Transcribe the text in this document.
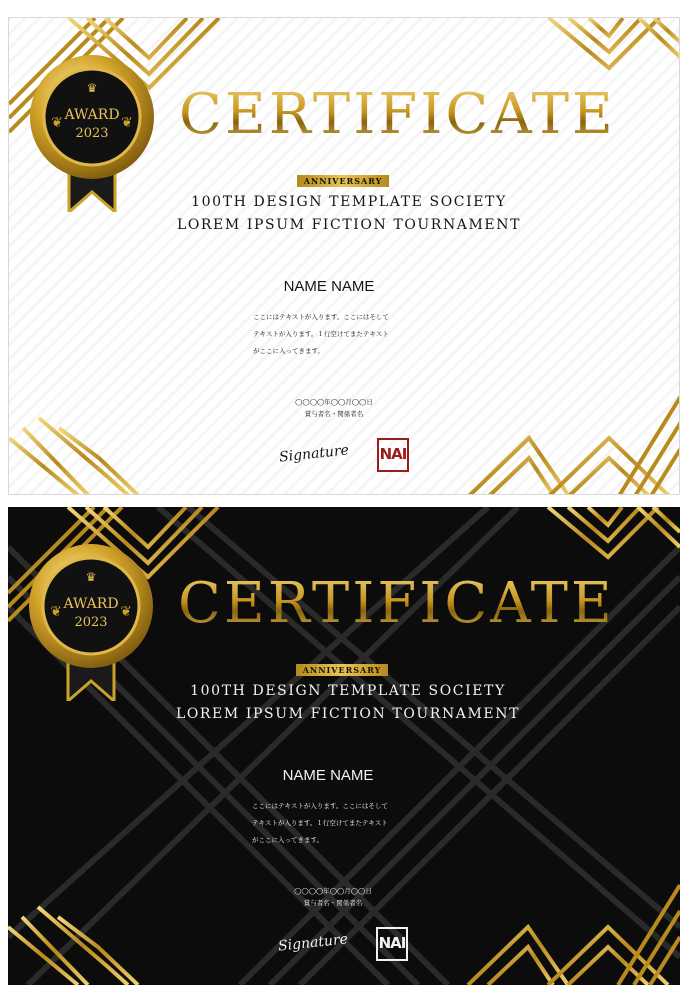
♛
❦	❦
AWARD
2023 CERTIFICATE
ANNIVERSARY
100TH DESIGN TEMPLATE SOCIETY
LOREM IPSUM FICTION TOURNAMENT
NAME NAME
ここにはテキストが入ります。ここにはそして
テキストが入ります。１行空けてまたテキスト
がここに入ってきます。
◯◯◯◯年◯◯月◯◯日
賞与者名・関係者名
Signature NAI
♛
❦	❦
AWARD
2023 CERTIFICATE
ANNIVERSARY
100TH DESIGN TEMPLATE SOCIETY
LOREM IPSUM FICTION TOURNAMENT
NAME NAME
ここにはテキストが入ります。ここにはそして
テキストが入ります。１行空けてまたテキスト
がここに入ってきます。
◯◯◯◯年◯◯月◯◯日
賞与者名・関係者名
Signature NAI
